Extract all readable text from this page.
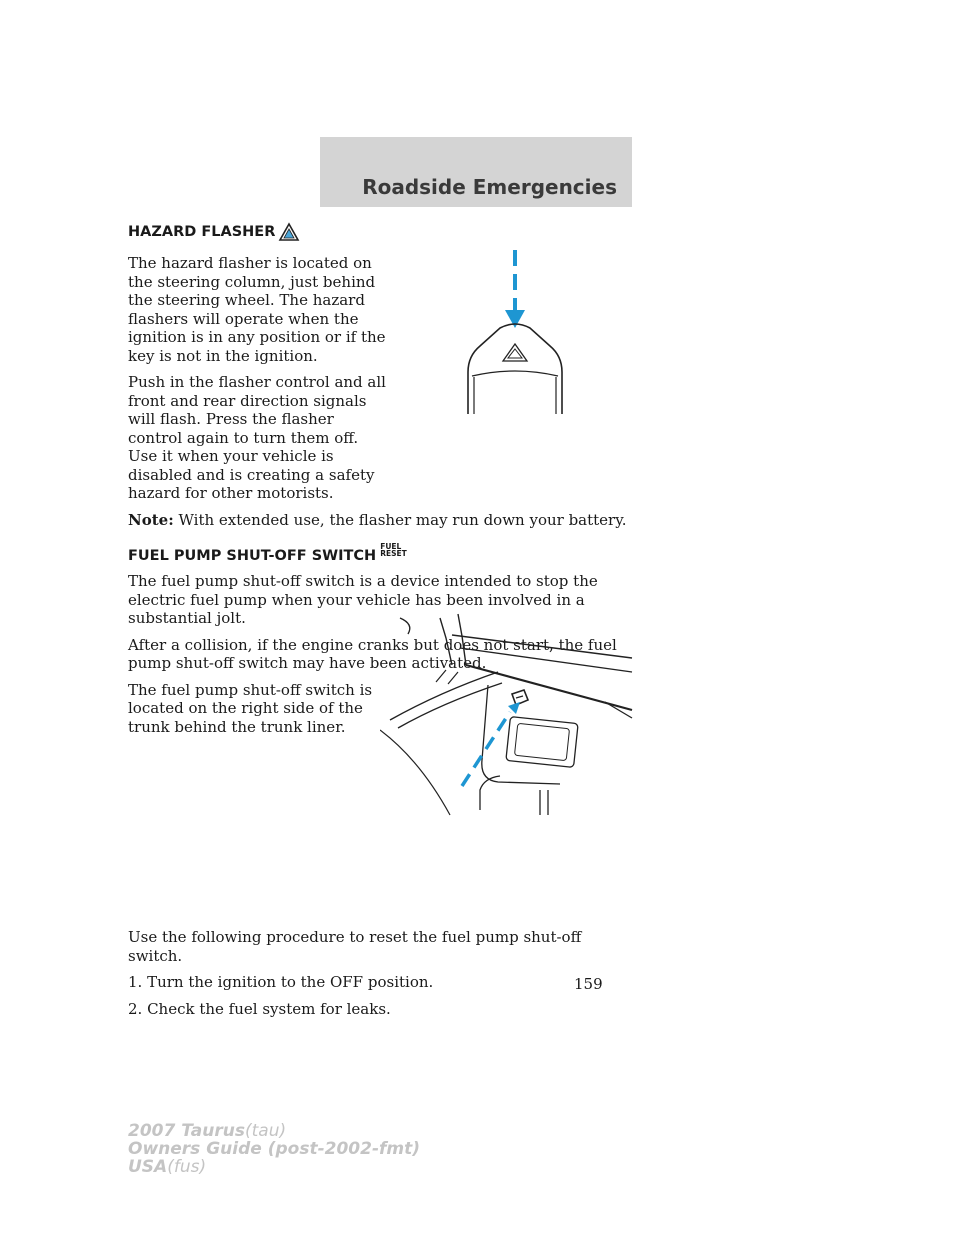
Roadside Emergencies
HAZARD FLASHER

The hazard flasher is located on the steering column, just behind the steering wheel. The hazard flashers will operate when the ignition is in any position or if the key is not in the ignition.

Push in the flasher control and all front and rear direction signals will flash. Press the flasher control again to turn them off. Use it when your vehicle is disabled and is creating a safety hazard for other motorists.

Note: With extended use, the flasher may run down your battery.

FUEL PUMP SHUT-OFF SWITCH
FUEL
RESET

The fuel pump shut-off switch is a device intended to stop the electric fuel pump when your vehicle has been involved in a substantial jolt.

After a collision, if the engine cranks but does not start, the fuel pump shut-off switch may have been activated.

The fuel pump shut-off switch is located on the right side of the trunk behind the trunk liner.

Use the following procedure to reset the fuel pump shut-off switch.

1. Turn the ignition to the OFF position.

2. Check the fuel system for leaks.

159
2007 Taurus(tau)
Owners Guide (post-2002-fmt)
USA(fus)
